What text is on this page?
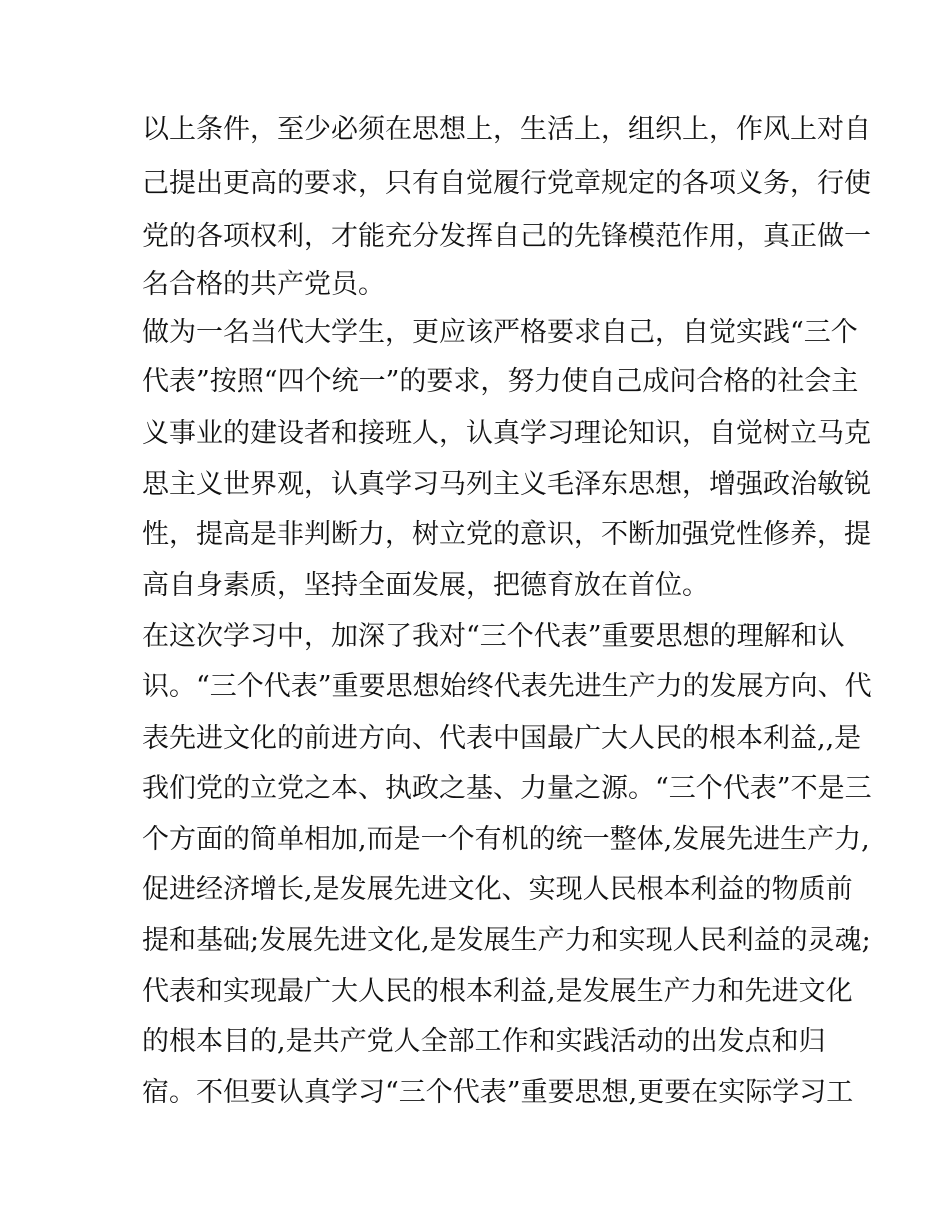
以上条件，至少必须在思想上，生活上，组织上，作风上对自
己提出更高的要求，只有自觉履行党章规定的各项义务，行使
党的各项权利，才能充分发挥自己的先锋模范作用，真正做一
名合格的共产党员。
做为一名当代大学生，更应该严格要求自己，自觉实践“三个
代表”按照“四个统一”的要求，努力使自己成问合格的社会主
义事业的建设者和接班人，认真学习理论知识，自觉树立马克
思主义世界观，认真学习马列主义毛泽东思想，增强政治敏锐
性，提高是非判断力，树立党的意识，不断加强党性修养，提
高自身素质，坚持全面发展，把德育放在首位。
在这次学习中，加深了我对“三个代表”重要思想的理解和认
识。“三个代表”重要思想始终代表先进生产力的发展方向、代
表先进文化的前进方向、代表中国最广大人民的根本利益,,是
我们党的立党之本、执政之基、力量之源。“三个代表”不是三
个方面的简单相加,而是一个有机的统一整体,发展先进生产力,
促进经济增长,是发展先进文化、实现人民根本利益的物质前
提和基础;发展先进文化,是发展生产力和实现人民利益的灵魂;
代表和实现最广大人民的根本利益,是发展生产力和先进文化
的根本目的,是共产党人全部工作和实践活动的出发点和归
宿。不但要认真学习“三个代表”重要思想,更要在实际学习工
